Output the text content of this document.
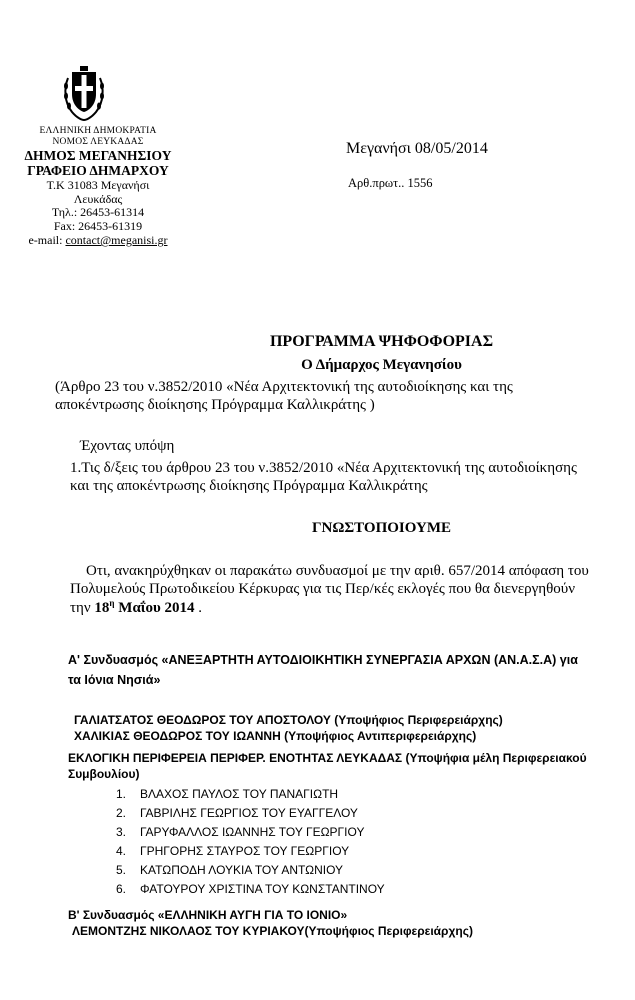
ΕΛΛΗΝΙΚΗ ΔΗΜΟΚΡΑΤΙΑ
ΝΟΜΟΣ ΛΕΥΚΑΔΑΣ
ΔΗΜΟΣ ΜΕΓΑΝΗΣΙΟΥ
ΓΡΑΦΕΙΟ ΔΗΜΑΡΧΟΥ
Τ.Κ 31083 Μεγανήσι
Λευκάδας
Τηλ.: 26453-61314
Fax: 26453-61319
e-mail: contact@meganisi.gr
Μεγανήσι 08/05/2014
Αρθ.πρωτ.. 1556
ΠΡΟΓΡΑΜΜΑ ΨΗΦΟΦΟΡΙΑΣ
Ο Δήμαρχος Μεγανησίου
(Άρθρο 23 του ν.3852/2010 «Νέα Αρχιτεκτονική της αυτοδιοίκησης και της αποκέντρωσης διοίκησης Πρόγραμμα Καλλικράτης )
Έχοντας υπόψη
1.Τις δ/ξεις του άρθρου 23 του ν.3852/2010 «Νέα Αρχιτεκτονική της αυτοδιοίκησης και της αποκέντρωσης διοίκησης Πρόγραμμα Καλλικράτης
ΓΝΩΣΤΟΠΟΙΟΥΜΕ
Οτι, ανακηρύχθηκαν οι παρακάτω συνδυασμοί με την αριθ. 657/2014 απόφαση του Πολυμελούς Πρωτοδικείου Κέρκυρας για τις Περ/κές εκλογές που θα διενεργηθούν την $18^\eta$ Μαΐου 2014 .
Α' Συνδυασμός «ΑΝΕΞΑΡΤΗΤΗ ΑΥΤΟΔΙΟΙΚΗΤΙΚΗ ΣΥΝΕΡΓΑΣΙΑ ΑΡΧΩΝ (ΑΝ.Α.Σ.Α) για τα Ιόνια Νησιά»
ΓΑΛΙΑΤΣΑΤΟΣ ΘΕΟΔΩΡΟΣ ΤΟΥ ΑΠΟΣΤΟΛΟΥ (Υποψήφιος Περιφερειάρχης)
ΧΑΛΙΚΙΑΣ ΘΕΟΔΩΡΟΣ ΤΟΥ ΙΩΑΝΝΗ (Υποψήφιος Αντιπεριφερειάρχης)
ΕΚΛΟΓΙΚΗ ΠΕΡΙΦΕΡΕΙΑ ΠΕΡΙΦΕΡ. ΕΝΟΤΗΤΑΣ ΛΕΥΚΑΔΑΣ (Υποψήφια μέλη Περιφερειακού Συμβουλίου)
1. ΒΛΑΧΟΣ ΠΑΥΛΟΣ ΤΟΥ ΠΑΝΑΓΙΩΤΗ
2. ΓΑΒΡΙΛΗΣ ΓΕΩΡΓΙΟΣ ΤΟΥ ΕΥΑΓΓΕΛΟΥ
3. ΓΑΡΥΦΑΛΛΟΣ ΙΩΑΝΝΗΣ ΤΟΥ ΓΕΩΡΓΙΟΥ
4. ΓΡΗΓΟΡΗΣ ΣΤΑΥΡΟΣ ΤΟΥ ΓΕΩΡΓΙΟΥ
5. ΚΑΤΩΠΟΔΗ ΛΟΥΚΙΑ ΤΟΥ ΑΝΤΩΝΙΟΥ
6. ΦΑΤΟΥΡΟΥ ΧΡΙΣΤΙΝΑ ΤΟΥ ΚΩΝΣΤΑΝΤΙΝΟΥ
Β' Συνδυασμός «ΕΛΛΗΝΙΚΗ ΑΥΓΗ ΓΙΑ ΤΟ ΙΟΝΙΟ»
ΛΕΜΟΝΤΖΗΣ ΝΙΚΟΛΑΟΣ ΤΟΥ ΚΥΡΙΑΚΟΥ(Υποψήφιος Περιφερειάρχης)
